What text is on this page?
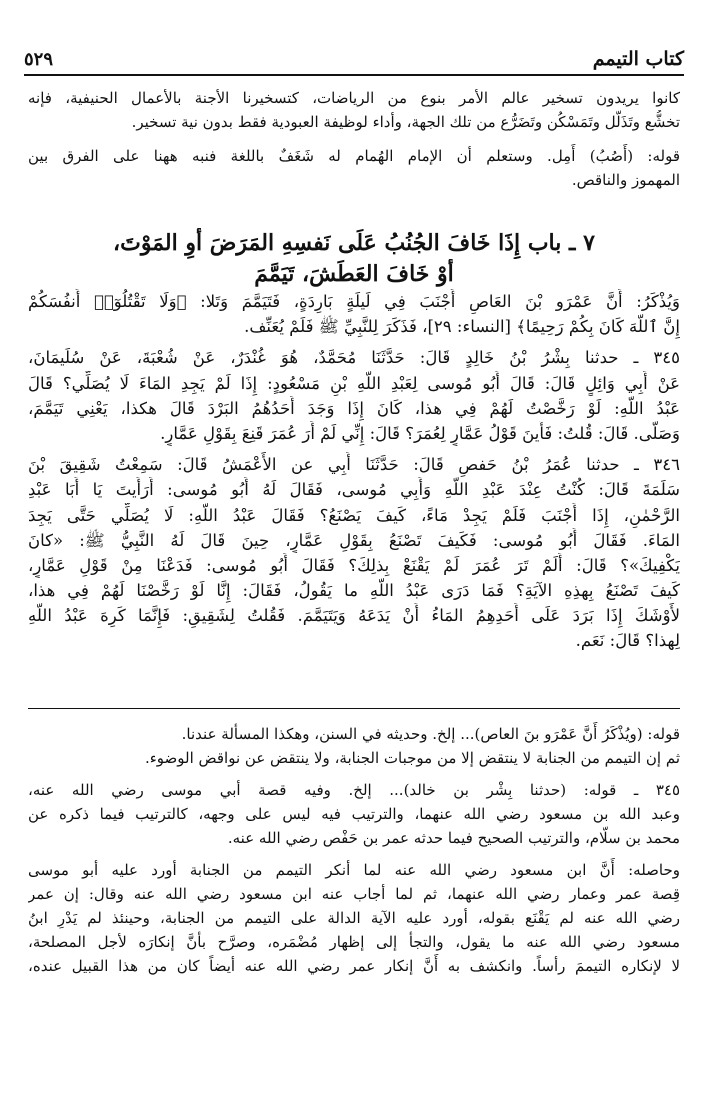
كتاب التيمم
٥٢٩
كانوا يريدون تسخير عالم الأمر بنوع من الرياضات، كتسخيرنا الأجنة بالأعمال الحنيفية، فإنه
تخشُّع وتَذَلُّل وتَمَسْكُن وتَضَرُّع من تلك الجهة، وأداء لوظيفة العبودية فقط بدون نية تسخير.
قوله: (أَصُبُ) أَمِل. وستعلم أن الإمام الهُمام له شَغَفٌ باللغة فنبه ههنا على الفرق بين
المهموز والناقص.
٧ ـ باب إِذَا خَافَ الجُنُبُ عَلَى نَفسِهِ المَرَضَ أَوِ المَوْتَ،
أَوْ خَافَ العَطَشَ، تَيَمَّمَ
وَيُذْكَرُ: أَنَّ عَمْرَو بْنَ العَاصِ أَجْنَبَ فِي لَيلَةٍ بَارِدَةٍ، فَتَيَمَّمَ وَتَلا: ﴿وَلَا تَقْتُلُوٓا۟ أَنفُسَكُمْ
إِنَّ ٱللَّهَ كَانَ بِكُمْ رَحِيمًا﴾ [النساء: ٢٩]، فَذَكَرَ لِلنَّبِيِّ ﷺ فَلَمْ يُعَنِّف.
٣٤٥ ـ حدثنا بِشْرُ بْنُ خَالِدٍ قَالَ: حَدَّثَنَا مُحَمَّدٌ، هُوَ غُنْدَرٌ، عَنْ شُعْبَةَ، عَنْ سُلَيمَانَ،
عَنْ أَبِي وَائِلٍ قَالَ: قَالَ أَبُو مُوسى لِعَبْدِ اللَّهِ بْنِ مَسْعُودٍ: إِذَا لَمْ يَجِدِ المَاءَ لَا يُصَلِّي؟ قَالَ
عَبْدُ اللَّهِ: لَوْ رَخَّصْتُ لَهُمْ فِي هذا، كَانَ إِذَا وَجَدَ أَحَدُهُمُ البَرْدَ قَالَ هكذا، يَعْنِي تَيَمَّمَ،
وَصَلَّى. قَالَ: قُلتُ: فَأَينَ قَوْلُ عَمَّارٍ لِعُمَرَ؟ قَالَ: إِنِّي لَمْ أَرَ عُمَرَ قَنِعَ بِقَوْلِ عَمَّارٍ.
٣٤٦ ـ حدثنا عُمَرُ بْنُ حَفصٍ قَالَ: حَدَّثَنَا أَبِي عن الأَعْمَشُ قَالَ: سَمِعْتُ شَقِيقَ بْنَ
سَلَمَةَ قَالَ: كُنْتُ عِنْدَ عَبْدِ اللَّهِ وَأَبِي مُوسى، فَقَالَ لَهُ أَبُو مُوسى: أَرَأَيتَ يَا أَبَا عَبْدِ
الرَّحْمٰنِ، إِذَا أَجْنَبَ فَلَمْ يَجِدْ مَاءً، كَيفَ يَصْنَعُ؟ فَقَالَ عَبْدُ اللَّهِ: لَا يُصَلِّي حَتَّى يَجِدَ
المَاءَ. فَقَالَ أَبُو مُوسى: فَكَيفَ تَصْنَعُ بِقَوْلِ عَمَّارٍ، حِينَ قَالَ لَهُ النَّبِيُّ ﷺ: «كانَ
يَكْفِيكَ»؟ قَالَ: أَلَمْ تَرَ عُمَرَ لَمْ يَقْنَعْ بِذلِكَ؟ فَقَالَ أَبُو مُوسى: فَدَعْنَا مِنْ قَوْلِ عَمَّارٍ،
كَيفَ تَصْنَعُ بِهذِهِ الآيَةِ؟ فَمَا دَرَى عَبْدُ اللَّهِ ما يَقُولُ، فَقَالَ: إِنَّا لَوْ رَخَّصْنَا لَهُمْ فِي هذا،
لأَوْشَكَ إِذَا بَرَدَ عَلَى أَحَدِهِمُ المَاءُ أَنْ يَدَعَهُ وَيَتَيَمَّمَ. فَقُلتُ لِشَقِيقٍ: فَإِنَّمَا كَرِهَ عَبْدُ اللَّهِ
لِهذا؟ قَالَ: نَعَم.
قوله: (ويُذْكَرُ أَنَّ عَمْرَو بنَ العاص)... إلخ. وحديثه في السنن، وهكذا المسألة عندنا.
ثم إن التيمم من الجنابة لا ينتقض إلا من موجبات الجنابة، ولا ينتقض عن نواقض الوضوء.
٣٤٥ ـ قوله: (حدثنا بِشْر بن خالد)... إلخ. وفيه قصة أبي موسى رضي الله عنه،
وعبد الله بن مسعود رضي الله عنهما، والترتيب فيه ليس على وجهه، كالترتيب فيما ذكره عن
محمد بن سلّام، والترتيب الصحيح فيما حدثه عمر بن حَفْص رضي الله عنه.
وحاصله: أَنَّ ابن مسعود رضي الله عنه لما أنكر التيمم من الجنابة أورد عليه أبو موسى
قِصة عمر وعمار رضي الله عنهما، ثم لما أجاب عنه ابن مسعود رضي الله عنه وقال: إن عمر
رضي الله عنه لم يَقْنَع بقوله، أورد عليه الآية الدالة على التيمم من الجنابة، وحينئذ لم يَدْرِ ابنُ
مسعود رضي الله عنه ما يقول، والتجأ إلى إظهار مُضْمَره، وصرَّح بأنَّ إنكارَه لأجل المصلحة،
لا لإنكاره التيممَ رأساً. وانكشف به أَنَّ إنكار عمر رضي الله عنه أيضاً كان من هذا القبيل عنده،
